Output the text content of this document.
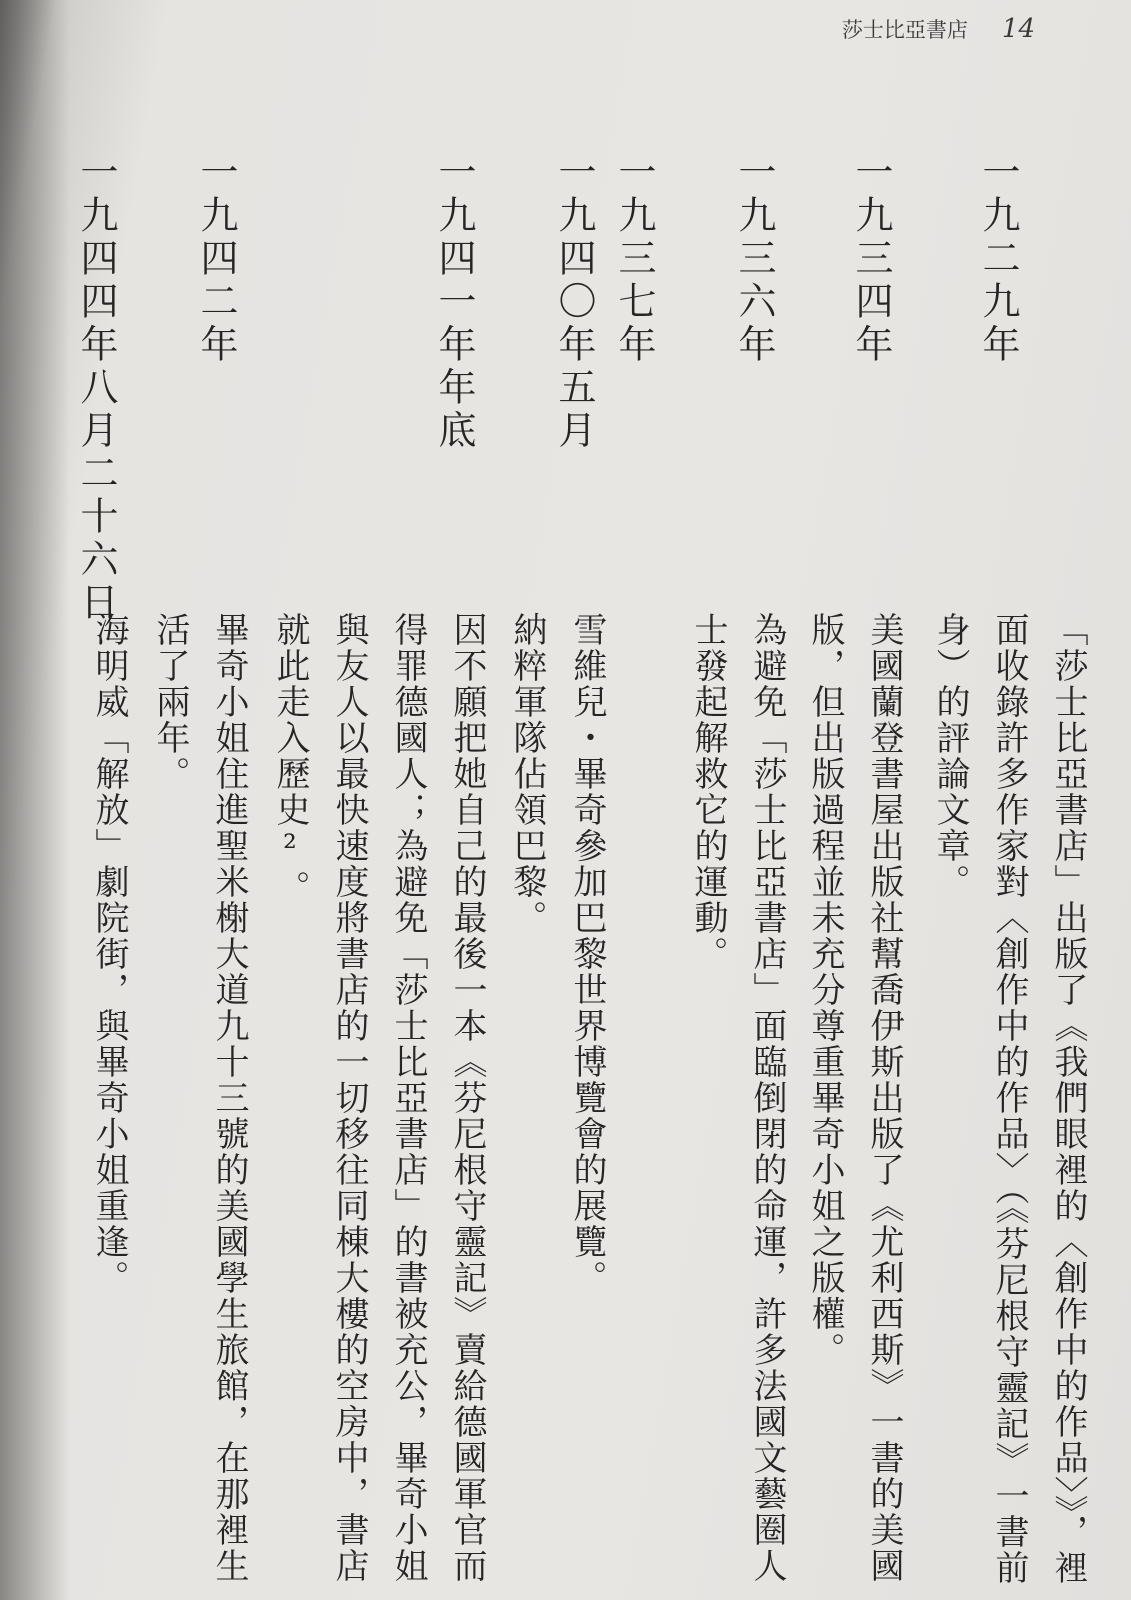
莎士比亞書店 14
一九二九年
「莎士比亞書店」出版了《我們眼裡的〈創作中的作品〉》，裡面收錄許多作家對〈創作中的作品〉（《芬尼根守靈記》一書前身）的評論文章。
一九三四年
美國蘭登書屋出版社幫喬伊斯出版了《尤利西斯》一書的美國版，但出版過程並未充分尊重畢奇小姐之版權。
一九三六年
為避免「莎士比亞書店」面臨倒閉的命運，許多法國文藝圈人士發起解救它的運動。
一九三七年
雪維兒・畢奇參加巴黎世界博覽會的展覽。
一九四〇年五月
納粹軍隊佔領巴黎。
一九四一年年底
因不願把她自己的最後一本《芬尼根守靈記》賣給德國軍官而得罪德國人；為避免「莎士比亞書店」的書被充公，畢奇小姐與友人以最快速度將書店的一切移往同棟大樓的空房中，書店就此走入歷史²。
一九四二年
畢奇小姐住進聖米榭大道九十三號的美國學生旅館，在那裡生活了兩年。
一九四四年八月二十六日
海明威「解放」劇院街，與畢奇小姐重逢。
